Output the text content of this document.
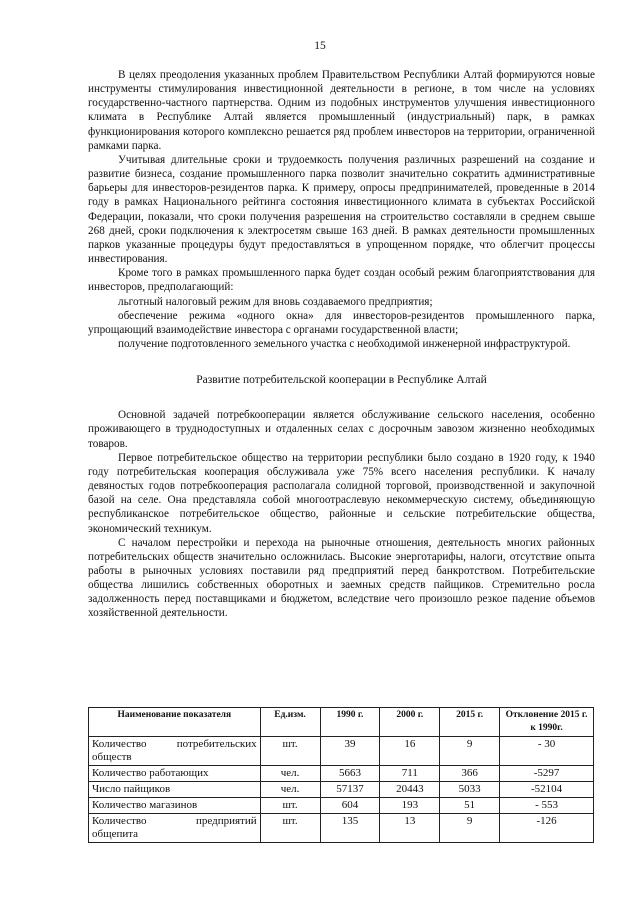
15

В целях преодоления указанных проблем Правительством Республики Алтай формируются новые инструменты стимулирования инвестиционной деятельности в регионе, в том числе на условиях государственно-частного партнерства. Одним из подобных инструментов улучшения инвестиционного климата в Республике Алтай является промышленный (индустриальный) парк, в рамках функционирования которого комплексно решается ряд проблем инвесторов на территории, ограниченной рамками парка.

Учитывая длительные сроки и трудоемкость получения различных разрешений на создание и развитие бизнеса, создание промышленного парка позволит значительно сократить административные барьеры для инвесторов-резидентов парка. К примеру, опросы предпринимателей, проведенные в 2014 году в рамках Национального рейтинга состояния инвестиционного климата в субъектах Российской Федерации, показали, что сроки получения разрешения на строительство составляли в среднем свыше 268 дней, сроки подключения к электросетям свыше 163 дней. В рамках деятельности промышленных парков указанные процедуры будут предоставляться в упрощенном порядке, что облегчит процессы инвестирования.

Кроме того в рамках промышленного парка будет создан особый режим благоприятствования для инвесторов, предполагающий:

льготный налоговый режим для вновь создаваемого предприятия;

обеспечение режима «одного окна» для инвесторов-резидентов промышленного парка, упрощающий взаимодействие инвестора с органами государственной власти;

получение подготовленного земельного участка с необходимой инженерной инфраструктурой.

Развитие потребительской кооперации в Республике Алтай

Основной задачей потребкооперации является обслуживание сельского населения, особенно проживающего в труднодоступных и отдаленных селах с досрочным завозом жизненно необходимых товаров.

Первое потребительское общество на территории республики было создано в 1920 году, к 1940 году потребительская кооперация обслуживала уже 75% всего населения республики. К началу девяностых годов потребкооперация располагала солидной торговой, производственной и закупочной базой на селе. Она представляла собой многоотраслевую некоммерческую систему, объединяющую республиканское потребительское общество, районные и сельские потребительские общества, экономический техникум.

С началом перестройки и перехода на рыночные отношения, деятельность многих районных потребительских обществ значительно осложнилась. Высокие энерготарифы, налоги, отсутствие опыта работы в рыночных условиях поставили ряд предприятий перед банкротством. Потребительские общества лишились собственных оборотных и заемных средств пайщиков. Стремительно росла задолженность перед поставщиками и бюджетом, вследствие чего произошло резкое падение объемов хозяйственной деятельности.

Наименование показателя	Ед.изм.	1990 г.	2000 г.	2015 г.	Отклонение 2015 г. к 1990г.
Количество потребительских обществ	шт.	39	16	9	- 30
Количество работающих	чел.	5663	711	366	-5297
Число пайщиков	чел.	57137	20443	5033	-52104
Количество магазинов	шт.	604	193	51	- 553
Количество предприятий общепита	шт.	135	13	9	-126
